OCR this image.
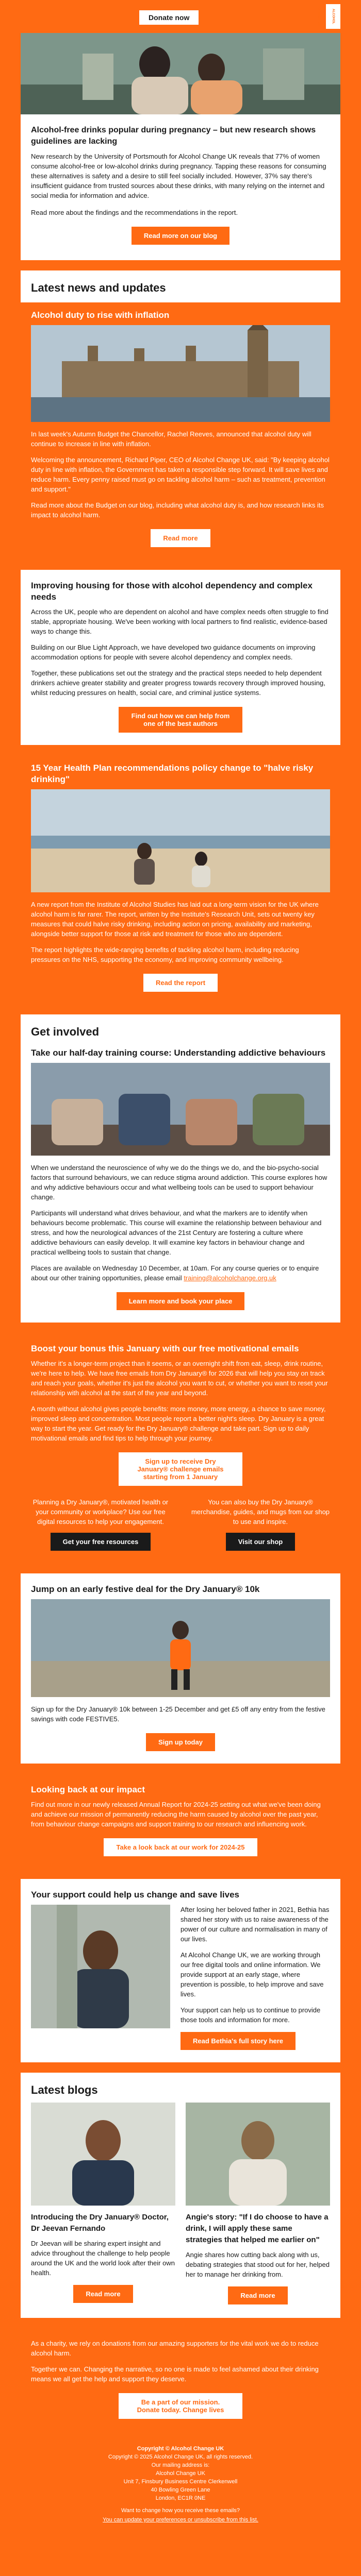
Donate now	ALCOHOL CHANGE UK
Alcohol-free drinks popular during pregnancy – but new research shows guidelines are lacking

New research by the University of Portsmouth for Alcohol Change UK reveals that 77% of women consume alcohol-free or low-alcohol drinks during pregnancy. Tapping these reasons for consuming these alternatives is safety and a desire to still feel socially included. However, 37% say there's insufficient guidance from trusted sources about these drinks, with many relying on the internet and social media for information and advice.

Read more about the findings and the recommendations in the report.

Read more on our blog
Latest news and updates
Alcohol duty to rise with inflation

In last week's Autumn Budget the Chancellor, Rachel Reeves, announced that alcohol duty will continue to increase in line with inflation.

Welcoming the announcement, Richard Piper, CEO of Alcohol Change UK, said: "By keeping alcohol duty in line with inflation, the Government has taken a responsible step forward. It will save lives and reduce harm. Every penny raised must go on tackling alcohol harm – such as treatment, prevention and support."

Read more about the Budget on our blog, including what alcohol duty is, and how research links its impact to alcohol harm.

Read more
Improving housing for those with alcohol dependency and complex needs

Across the UK, people who are dependent on alcohol and have complex needs often struggle to find stable, appropriate housing. We've been working with local partners to find realistic, evidence-based ways to change this.

Building on our Blue Light Approach, we have developed two guidance documents on improving accommodation options for people with severe alcohol dependency and complex needs.

Together, these publications set out the strategy and the practical steps needed to help dependent drinkers achieve greater stability and greater progress towards recovery through improved housing, whilst reducing pressures on health, social care, and criminal justice systems.

Find out how we can help from one of the best authors
15 Year Health Plan recommendations policy change to "halve risky drinking"

A new report from the Institute of Alcohol Studies has laid out a long-term vision for the UK where alcohol harm is far rarer. The report, written by the Institute's Research Unit, sets out twenty key measures that could halve risky drinking, including action on pricing, availability and marketing, alongside better support for those at risk and treatment for those who are dependent.

The report highlights the wide-ranging benefits of tackling alcohol harm, including reducing pressures on the NHS, supporting the economy, and improving community wellbeing.

Read the report
Get involved
Take our half-day training course: Understanding addictive behaviours

When we understand the neuroscience of why we do the things we do, and the bio-psycho-social factors that surround behaviours, we can reduce stigma around addiction. This course explores how and why addictive behaviours occur and what wellbeing tools can be used to support behaviour change.

Participants will understand what drives behaviour, and what the markers are to identify when behaviours become problematic. This course will examine the relationship between behaviour and stress, and how the neurological advances of the 21st Century are fostering a culture where addictive behaviours can easily develop. It will examine key factors in behaviour change and practical wellbeing tools to sustain that change.

Places are available on Wednesday 10 December, at 10am. For any course queries or to enquire about our other training opportunities, please email training@alcoholchange.org.uk

Learn more and book your place
Boost your bonus this January with our free motivational emails

Whether it's a longer-term project than it seems, or an overnight shift from eat, sleep, drink routine, we're here to help. We have free emails from Dry January® for 2026 that will help you stay on track and reach your goals, whether it's just the alcohol you want to cut, or whether you want to reset your relationship with alcohol at the start of the year and beyond.

A month without alcohol gives people benefits: more money, more energy, a chance to save money, improved sleep and concentration. Most people report a better night's sleep. Dry January is a great way to start the year. Get ready for the Dry January® challenge and take part. Sign up to daily motivational emails and find tips to help through your journey.

Sign up to receive Dry January® challenge emails starting from 1 January

Planning a Dry January®, motivated health or your community or workplace? Use our free digital resources to help your engagement.

Get your free resources

You can also buy the Dry January® merchandise, guides, and mugs from our shop to use and inspire.

Visit our shop
Jump on an early festive deal for the Dry January® 10k

Sign up for the Dry January® 10k between 1-25 December and get £5 off any entry from the festive savings with code FESTIVE5.

Sign up today
Looking back at our impact

Find out more in our newly released Annual Report for 2024-25 setting out what we've been doing and achieve our mission of permanently reducing the harm caused by alcohol over the past year, from behaviour change campaigns and support training to our research and influencing work.

Take a look back at our work for 2024-25
Your support could help us change and save lives

After losing her beloved father in 2021, Bethia has shared her story with us to raise awareness of the power of our culture and normalisation in many of our lives.

At Alcohol Change UK, we are working through our free digital tools and online information. We provide support at an early stage, where prevention is possible, to help improve and save lives.

Your support can help us to continue to provide those tools and information for more.

Read Bethia's full story here
Latest blogs
Introducing the Dry January® Doctor, Dr Jeevan Fernando

Dr Jeevan will be sharing expert insight and advice throughout the challenge to help people around the UK and the world look after their own health.

Read more
Angie's story: "If I do choose to have a drink, I will apply these same strategies that helped me earlier on"

Angie shares how cutting back along with us, debating strategies that stood out for her, helped her to manage her drinking from.

Read more

As a charity, we rely on donations from our amazing supporters for the vital work we do to reduce alcohol harm.

Together we can. Changing the narrative, so no one is made to feel ashamed about their drinking means we all get the help and support they deserve.

Be a part of our mission. Donate today. Change lives

Copyright © Alcohol Change UK

Copyright © 2025 Alcohol Change UK, all rights reserved.

Our mailing address is:

Alcohol Change UK

Unit 7, Finsbury Business Centre Clerkenwell

40 Bowling Green Lane

London, EC1R 0NE

Want to change how you receive these emails?

You can update your preferences or unsubscribe from this list.
